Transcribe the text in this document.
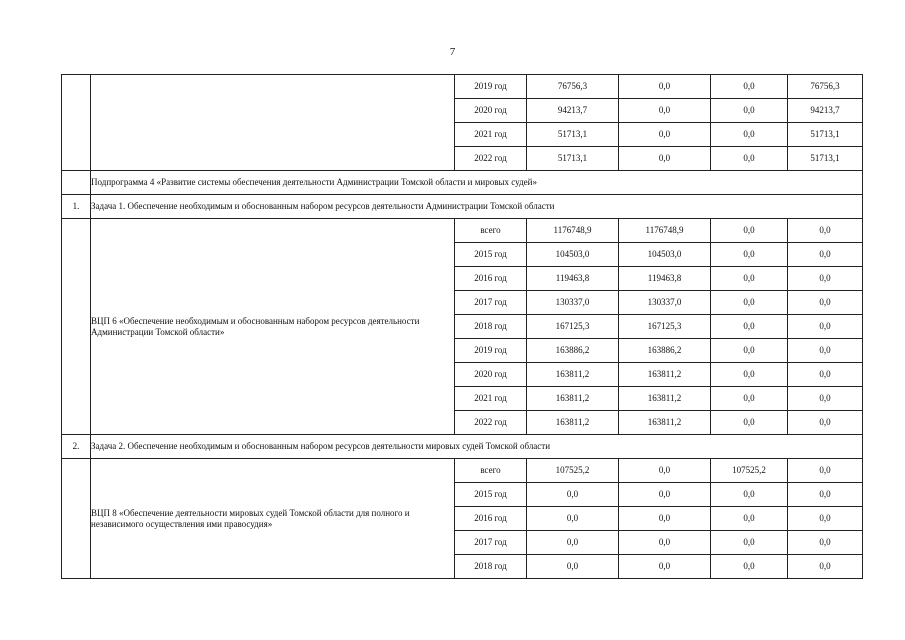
7
		2019 год	76756,3	0,0	0,0	76756,3
		2020 год	94213,7	0,0	0,0	94213,7
		2021 год	51713,1	0,0	0,0	51713,1
		2022 год	51713,1	0,0	0,0	51713,1
	Подпрограмма 4 «Развитие системы обеспечения деятельности Администрации Томской области и мировых судей»					
1.	Задача 1. Обеспечение необходимым и обоснованным набором ресурсов деятельности Администрации Томской области					
	ВЦП 6 «Обеспечение необходимым и обоснованным набором ресурсов деятельности Администрации Томской области»	всего	1176748,9	1176748,9	0,0	0,0
		2015 год	104503,0	104503,0	0,0	0,0
		2016 год	119463,8	119463,8	0,0	0,0
		2017 год	130337,0	130337,0	0,0	0,0
		2018 год	167125,3	167125,3	0,0	0,0
		2019 год	163886,2	163886,2	0,0	0,0
		2020 год	163811,2	163811,2	0,0	0,0
		2021 год	163811,2	163811,2	0,0	0,0
		2022 год	163811,2	163811,2	0,0	0,0
2.	Задача 2. Обеспечение необходимым и обоснованным набором ресурсов деятельности мировых судей Томской области					
	ВЦП 8 «Обеспечение деятельности мировых судей Томской области для полного и независимого осуществления ими правосудия»	всего	107525,2	0,0	107525,2	0,0
		2015 год	0,0	0,0	0,0	0,0
		2016 год	0,0	0,0	0,0	0,0
		2017 год	0,0	0,0	0,0	0,0
		2018 год	0,0	0,0	0,0	0,0
